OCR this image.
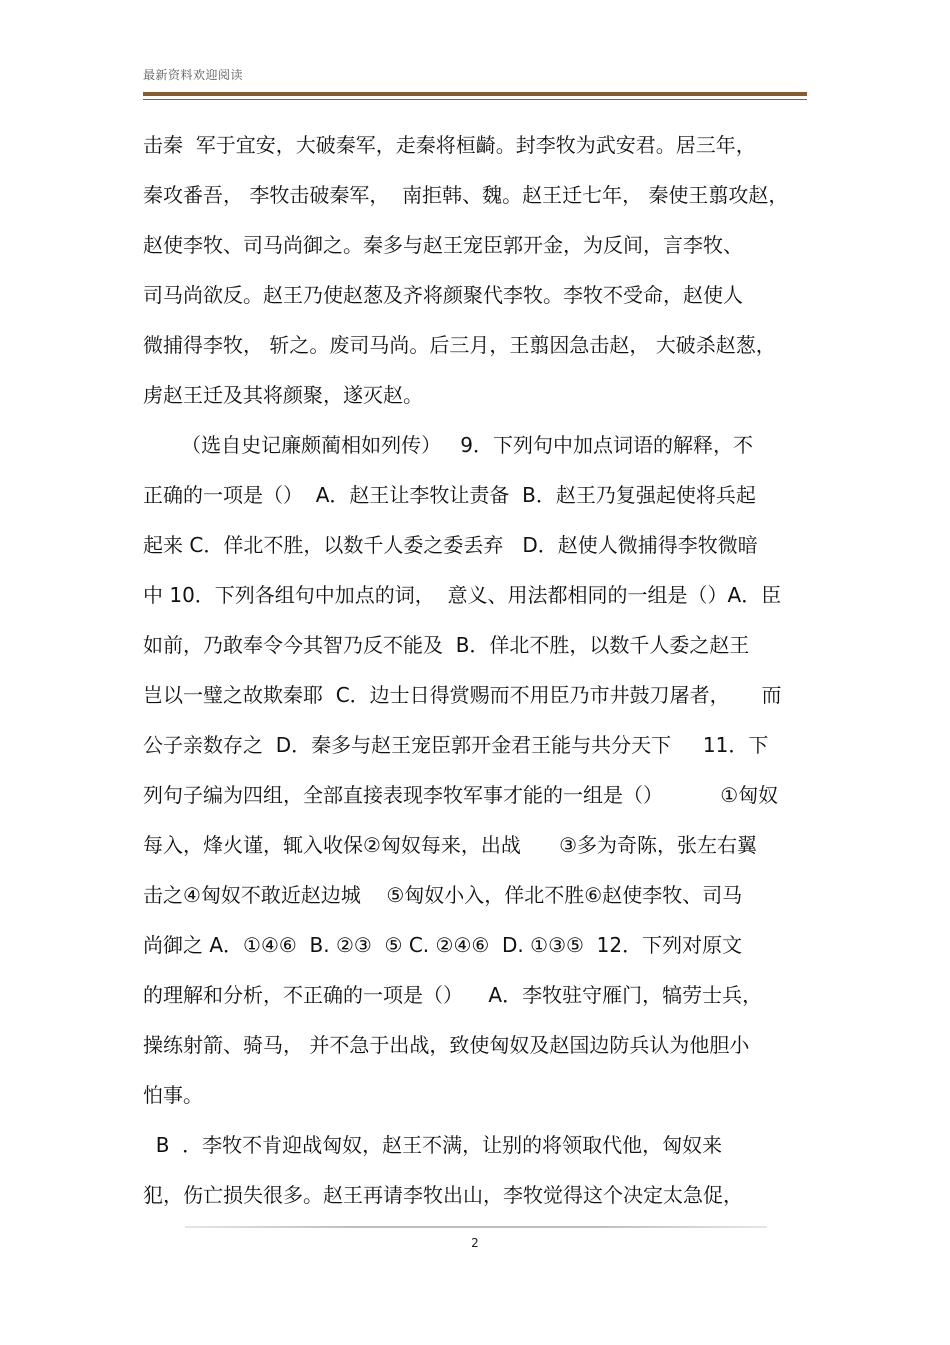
最新资料欢迎阅读

击秦  军于宜安，大破秦军，走秦将桓齮。封李牧为武安君。居三年，

秦攻番吾， 李牧击破秦军，  南拒韩、魏。赵王迁七年， 秦使王翦攻赵，

赵使李牧、司马尚御之。秦多与赵王宠臣郭开金，为反间，言李牧、

司马尚欲反。赵王乃使赵葱及齐将颜聚代李牧。李牧不受命，赵使人

微捕得李牧， 斩之。废司马尚。后三月，王翦因急击赵， 大破杀赵葱，

虏赵王迁及其将颜聚，遂灭赵。

（选自史记廉颇蔺相如列传）   9．下列句中加点词语的解释，不

正确的一项是（）  A．赵王让李牧让责备  B．赵王乃复强起使将兵起

起来 C．佯北不胜，以数千人委之委丢弃   D．赵使人微捕得李牧微暗

中 10．下列各组句中加点的词，  意义、用法都相同的一组是（）A．臣

如前，乃敢奉令今其智乃反不能及  B．佯北不胜，以数千人委之赵王

岂以一璧之故欺秦耶  C．边士日得赏赐而不用臣乃市井鼓刀屠者，     而

公子亲数存之  D．秦多与赵王宠臣郭开金君王能与共分天下     11．下

列句子编为四组，全部直接表现李牧军事才能的一组是（）         ①匈奴

每入，烽火谨，辄入收保②匈奴每来，出战      ③多为奇陈，张左右翼

击之④匈奴不敢近赵边城    ⑤匈奴小入，佯北不胜⑥赵使李牧、司马

尚御之 A．①④⑥  B. ②③  ⑤ C. ②④⑥  D. ①③⑤  12．下列对原文

的理解和分析，不正确的一项是（）    A．李牧驻守雁门，犒劳士兵，

操练射箭、骑马， 并不急于出战，致使匈奴及赵国边防兵认为他胆小

怕事。

B  ．李牧不肯迎战匈奴，赵王不满，让别的将领取代他，匈奴来

犯，伤亡损失很多。赵王再请李牧出山，李牧觉得这个决定太急促，

2
